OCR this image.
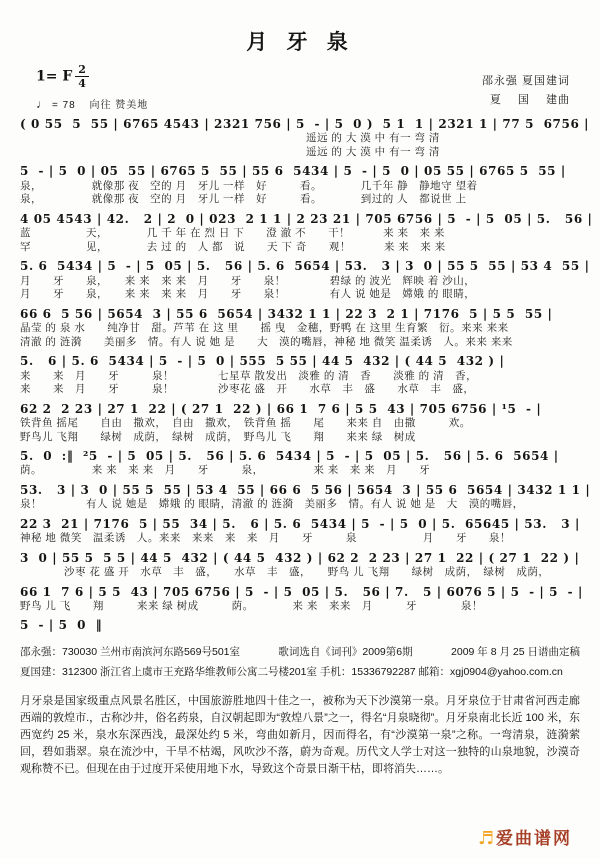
月 牙 泉
1= F $\frac{2}{4}$
♩ = 78 向往 赞美地
邵永强 夏国建词
夏　 国 　建曲
( 0 55  5  55 | 6765 4543 | 2321 756 | 5  - | 5  0 )  5 1  1 | 2321 1 | 77 5  6756 |
　　　　　　　　　　　　　　　　　　　　　　　　　　遥远 的 大 漠 中 有一 弯 清
　　　　　　　　　　　　　　　　　　　　　　　　　　遥远 的 大 漠 中 有一 弯 清
5  - | 5  0 | 05  55 | 6765 5  55 | 55 6  5434 | 5  - | 5  0 | 05 55 | 6765 5  55 |
泉，　　　　　就像那 夜　空的 月　牙儿 一样　好　　　看。　　　　几千年 静　静地守 望着
泉，　　　　　就像那 夜　空的 月　牙儿 一样　好　　　看。　　　　到过的 人　都说世 上
4 05 4543 | 42.   2 | 2  0 | 023  2 1 1 | 2 23 21 | 705 6756 | 5  - | 5  05 | 5.   56 |
蓝　　　　　天，　　　　几 千 年 在 烈 日 下　　澄 澈 不　　干！　　　来 来　来 来
罕　　　　　见，　　　　去 过 的　人 都　说　　天 下 奇　　观！　　　来 来　来 来
5. 6  5434 | 5  - | 5  05 | 5.   56 | 5. 6  5654 | 53.   3 | 3  0 | 55 5  55 | 53 4  55 |
月　　牙　　泉，　　来 来　来 来　月　　牙　　泉！　　　　碧绿 的 波光　辉映 着 沙山，
月　　牙　　泉，　　来 来　来 来　月　　牙　　泉！　　　　有人 说 她是　嫦娥 的 眼睛，
66 6  5 56 | 5654  3 | 55 6  5654 | 3432 1 1 | 22 3  2 1 | 7176  5 | 5 5  55 |
晶莹 的 泉 水　　纯净甘　甜。芦苇 在 这 里　　摇 曳　金穗，野鸭 在 这里 生育繁　衍。来来 来来
清澈 的 涟漪　　美丽多　情。有人 说 她 是　　大　漠的嘴唇，神秘 地 微笑 温柔诱　人。来来 来来
5.   6 | 5. 6  5434 | 5  - | 5  0 | 555  5 55 | 44 5  432 | ( 44 5  432 ) |
来　　来　月　　牙　　　泉！　　　　七星草 散发出　淡雅 的 清　香　　淡雅 的 清　香，
来　　来　月　　牙　　　泉！　　　　沙枣花 盛　开　　水草　丰　盛　　水草　丰　盛，
62 2  2 23 | 27 1  22 | ( 27 1  22 ) | 66 1  7 6 | 5 5  43 | 705 6756 | ¹5  - |
铁背鱼 摇尾　　自由　撒欢，　自由　撒欢，　铁背鱼 摇　　尾　　来来 自　由撒　　　欢。
野鸟儿 飞翔　　绿树　成荫，　绿树　成荫，　野鸟儿 飞　　翔　　来来 绿　树成
5.  0  :‖  ²5  - | 5  05 | 5.   56 | 5. 6  5434 | 5  - | 5  05 | 5.   56 | 5. 6  5654 |
荫。　　　　　来 来　来 来　月　　牙　　　泉，　　　　　来 来　来 来　月　　牙
53.   3 | 3  0 | 55 5  55 | 53 4  55 | 66 6  5 56 | 5654  3 | 55 6  5654 | 3432 1 1 |
泉！　　　　有人 说 她是　嫦娥 的 眼睛，清澈 的 涟漪　美丽多　情。有人 说 她 是　大　漠的嘴唇，
22 3  21 | 7176  5 | 55  34 | 5.   6 | 5. 6  5434 | 5  - | 5  0 | 5.  65645 | 53.   3 |
神秘 地 微笑　温柔诱　人。来来　来来　来　来　月　　牙　　　泉　　　　　　月　　牙　　泉！
3  0 | 55 5  5 5 | 44 5  432 | ( 44 5  432 ) | 62 2  2 23 | 27 1  22 | ( 27 1  22 ) |
　　　　沙枣 花 盛 开　水草　丰　盛，　　水草　丰　盛，　　野鸟 儿 飞翔　　绿树　成荫，　绿树　成荫，
66 1  7 6 | 5 5  43 | 705 6756 | 5  - | 5  05 | 5.   56 | 7.   5 | 6076 5 | 5  - | 5  - |
野鸟 儿 飞　　翔　　　来来 绿 树成　　　荫。　　　　来 来　来来　月　　　牙　　　　泉！
5  - | 5  0  ‖
邵永强：730030 兰州市南滨河东路569号501室	歌词选自《词刊》2009第6期	2009 年 8 月 25 日谱曲定稿
夏国建：312300 浙江省上虞市王充路华维教师公寓二号楼201室 手机：15336792287 邮箱：xgj0904@yahoo.com.cn
月牙泉是国家级重点风景名胜区，中国旅游胜地四十佳之一，被称为天下沙漠第一泉。月牙泉位于甘肃省河西走廊西端的敦煌市.，古称沙井，俗名药泉，自汉朝起即为“敦煌八景”之一，得名“月泉晓彻”。月牙泉南北长近 100 米，东西宽约 25 米，泉水东深西浅，最深处约 5 米，弯曲如新月，因而得名，有“沙漠第一泉”之称。一弯清泉，涟漪萦回，碧如翡翠。泉在流沙中，干旱不枯竭，风吹沙不落，蔚为奇观。历代文人学士对这一独特的山泉地貌，沙漠奇观称赞不已。但现在由于过度开采使用地下水，导致这个奇景日渐干枯，即将消失……。
♬ 爱曲谱网
